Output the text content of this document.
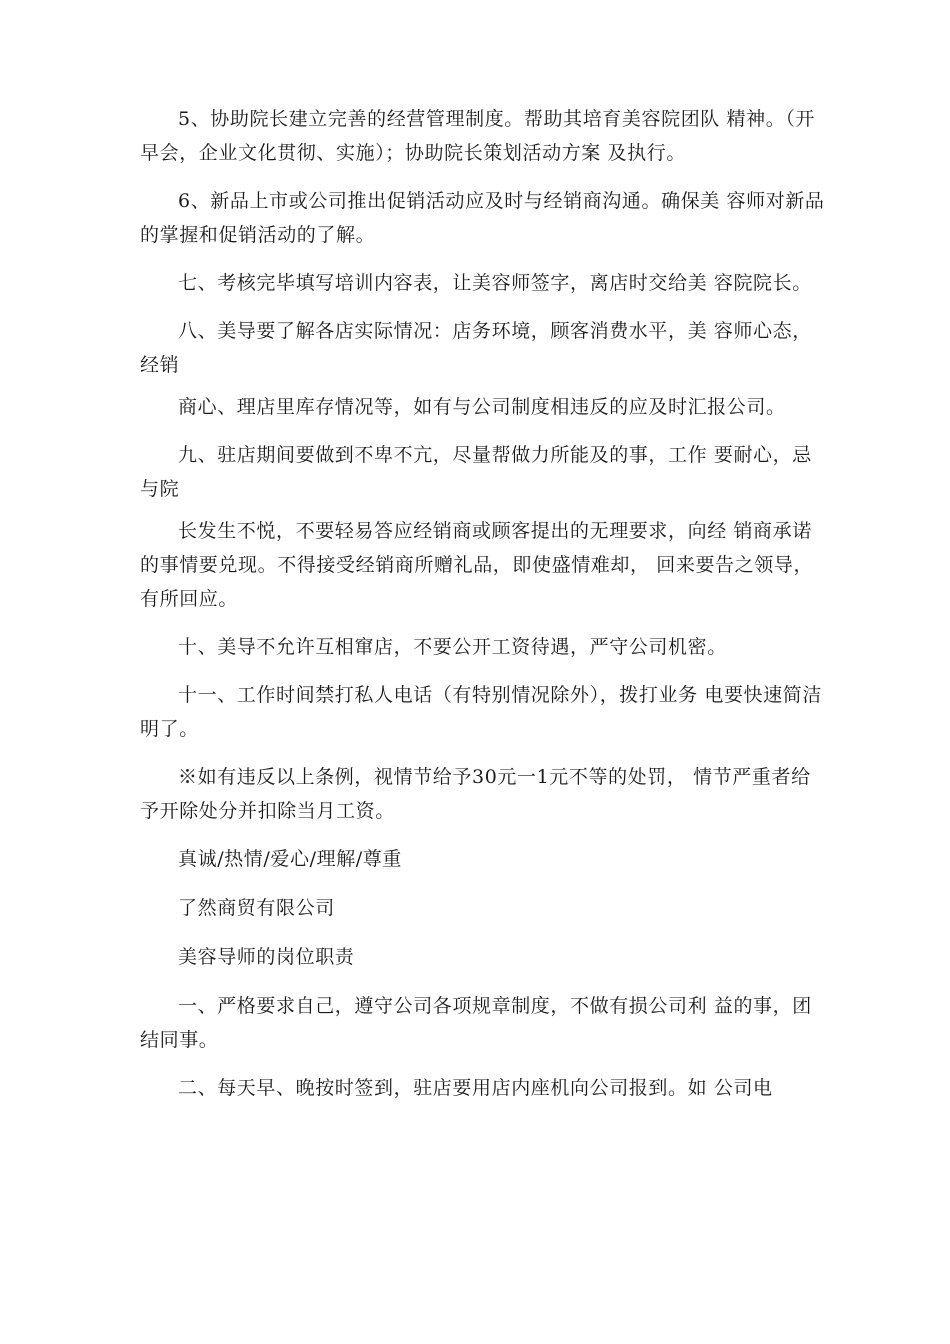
5、协助院长建立完善的经营管理制度。帮助其培育美容院团队 精神。（开早会，企业文化贯彻、实施）；协助院长策划活动方案 及执行。

6、新品上市或公司推出促销活动应及时与经销商沟通。确保美 容师对新品的掌握和促销活动的了解。

七、考核完毕填写培训内容表，让美容师签字，离店时交给美 容院院长。

八、美导要了解各店实际情况：店务环境，顾客消费水平，美 容师心态，经销

商心、理店里库存情况等，如有与公司制度相违反的应及时汇报公司。

九、驻店期间要做到不卑不亢，尽量帮做力所能及的事，工作 要耐心，忌与院

长发生不悦，不要轻易答应经销商或顾客提出的无理要求，向经 销商承诺的事情要兑现。不得接受经销商所赠礼品，即使盛情难却， 回来要告之领导，有所回应。

十、美导不允许互相窜店，不要公开工资待遇，严守公司机密。

十一、工作时间禁打私人电话（有特别情况除外），拨打业务 电要快速简洁明了。

※如有违反以上条例，视情节给予30元一1元不等的处罚， 情节严重者给予开除处分并扣除当月工资。

真诚/热情/爱心/理解/尊重

了然商贸有限公司

美容导师的岗位职责

一、严格要求自己，遵守公司各项规章制度，不做有损公司利 益的事，团结同事。

二、每天早、晚按时签到，驻店要用店内座机向公司报到。如 公司电
